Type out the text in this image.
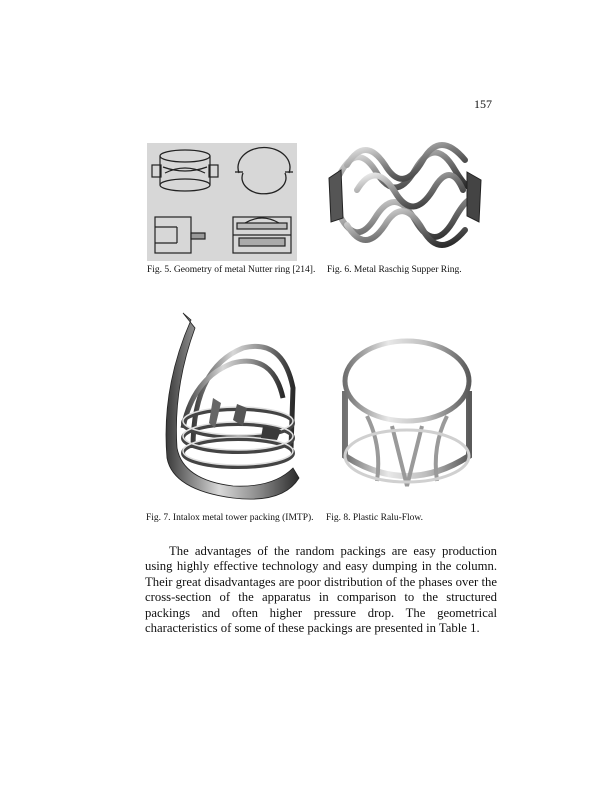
157
Fig. 5. Geometry of metal Nutter ring [214]. Fig. 6. Metal Raschig Supper Ring.
Fig. 7. Intalox metal tower packing (IMTP). Fig. 8. Plastic Ralu-Flow.

The advantages of the random packings are easy production using highly effective technology and easy dumping in the column. Their great disadvantages are poor distribution of the phases over the cross-section of the apparatus in comparison to the structured packings and often higher pressure drop. The geometrical characteristics of some of these packings are presented in Table 1.
